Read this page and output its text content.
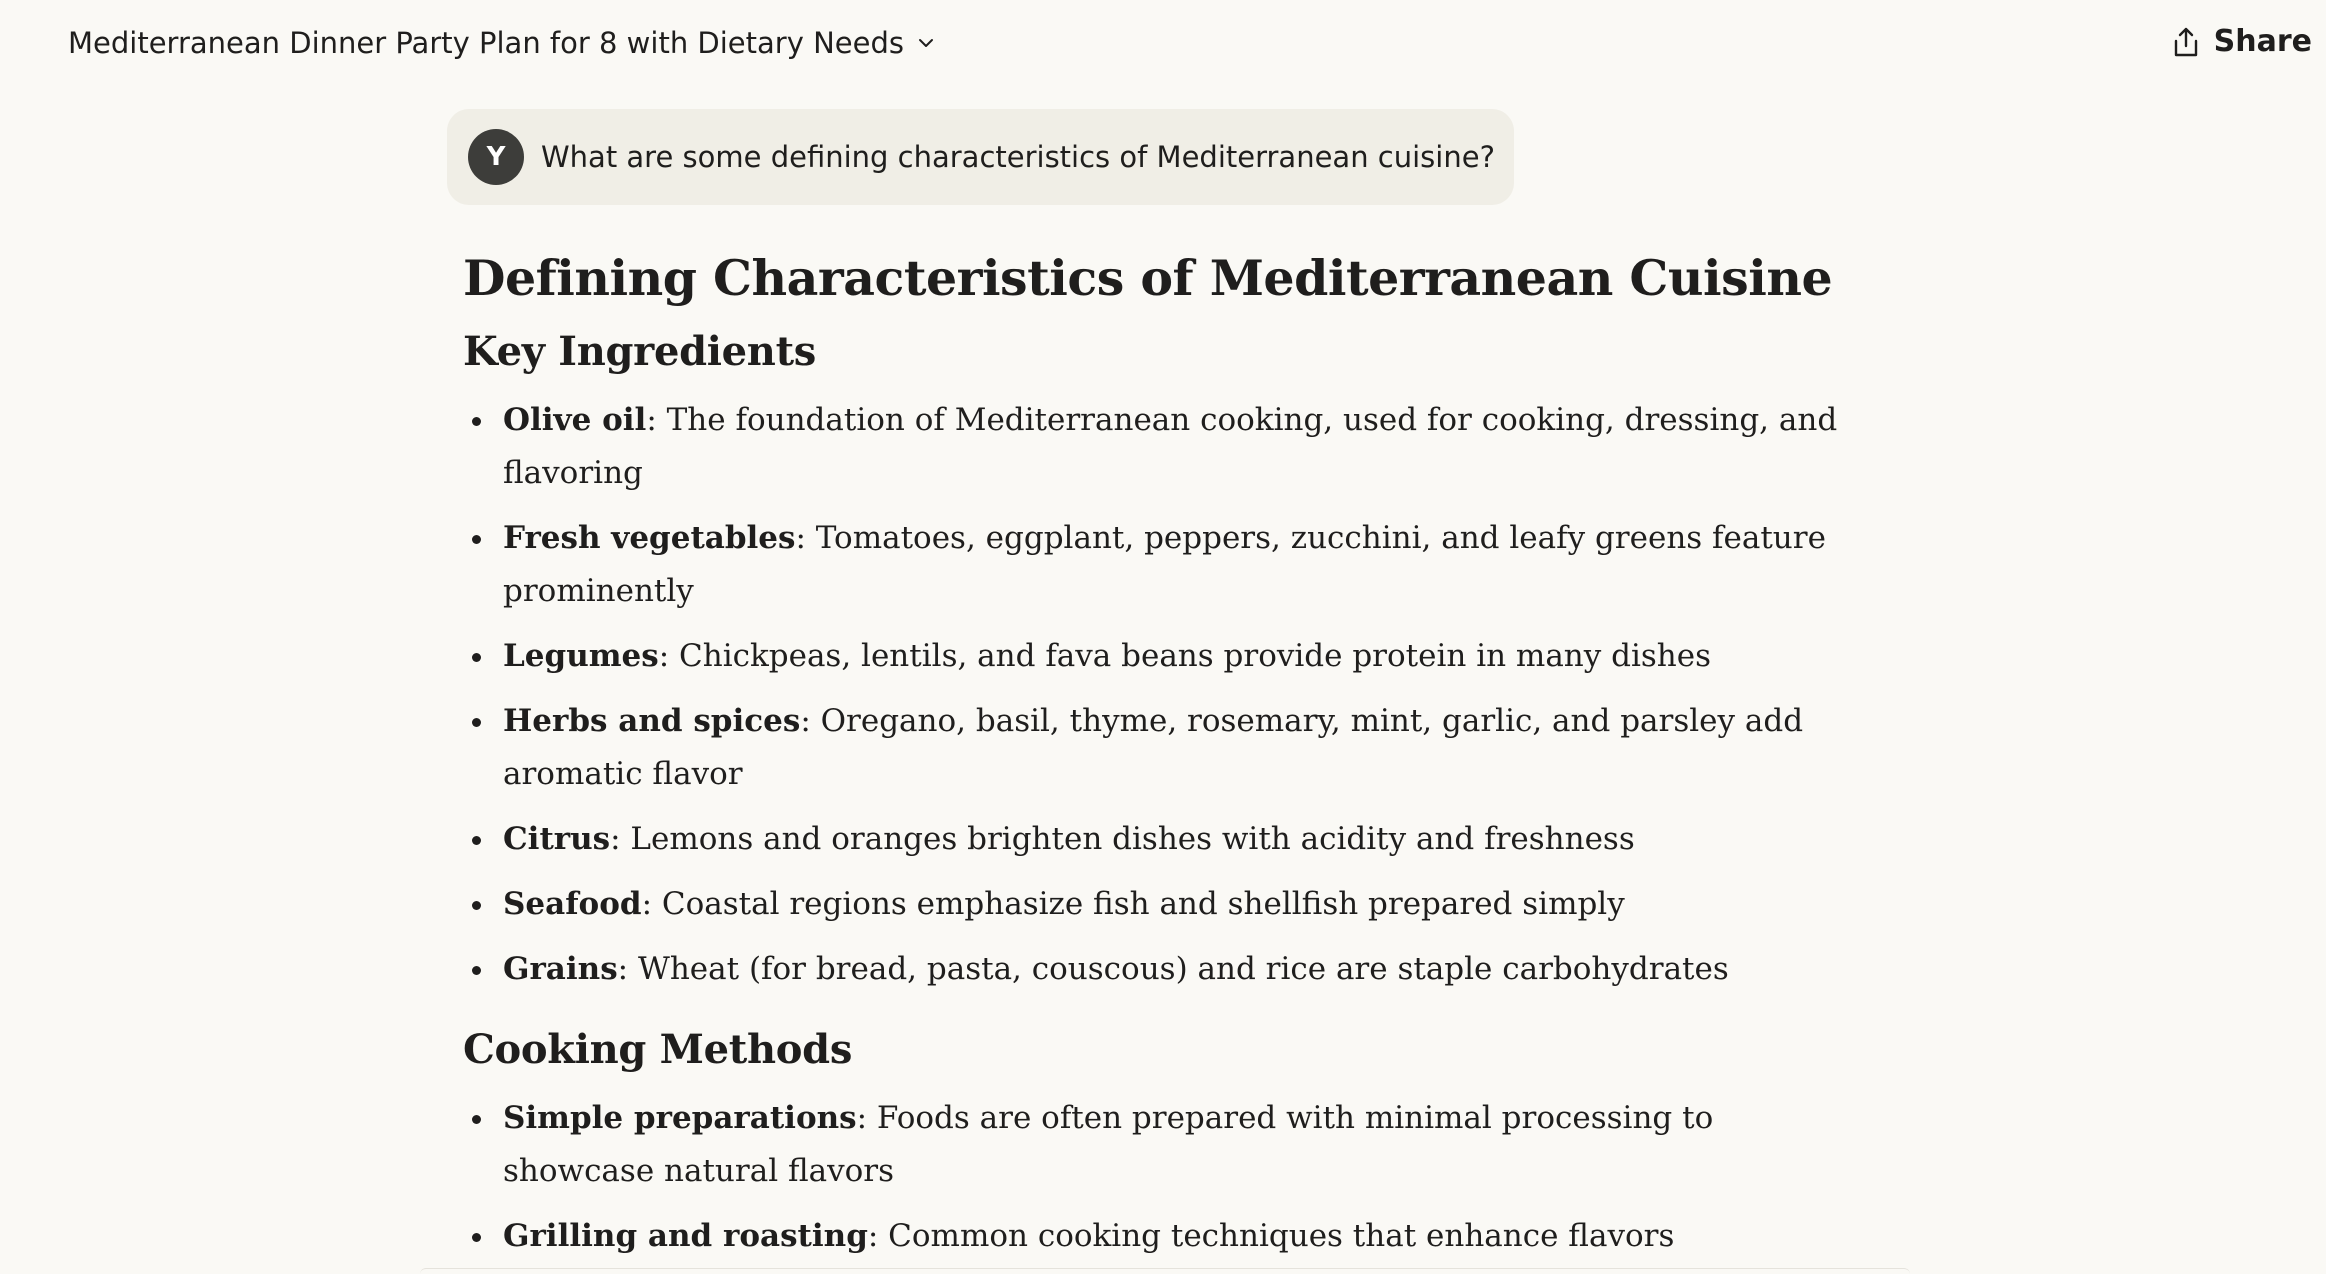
Mediterranean Dinner Party Plan for 8 with Dietary Needs	Share
Y	What are some defining characteristics of Mediterranean cuisine?
Defining Characteristics of Mediterranean Cuisine
Key Ingredients
Olive oil: The foundation of Mediterranean cooking, used for cooking, dressing, and flavoring
Fresh vegetables: Tomatoes, eggplant, peppers, zucchini, and leafy greens feature prominently
Legumes: Chickpeas, lentils, and fava beans provide protein in many dishes
Herbs and spices: Oregano, basil, thyme, rosemary, mint, garlic, and parsley add aromatic flavor
Citrus: Lemons and oranges brighten dishes with acidity and freshness
Seafood: Coastal regions emphasize fish and shellfish prepared simply
Grains: Wheat (for bread, pasta, couscous) and rice are staple carbohydrates
Cooking Methods
Simple preparations: Foods are often prepared with minimal processing to showcase natural flavors
Grilling and roasting: Common cooking techniques that enhance flavors
